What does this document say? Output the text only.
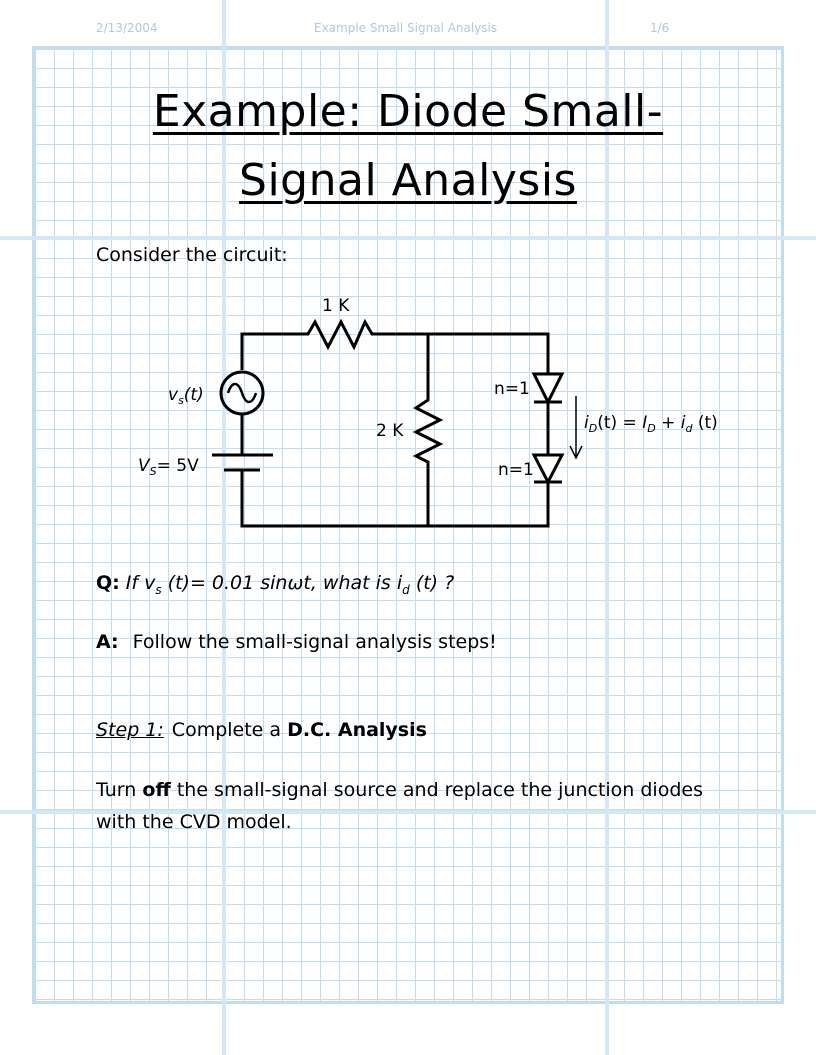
2/13/2004	Example Small Signal Analysis	1/6
Example: Diode Small-
Signal Analysis
Consider the circuit:
1 K
2 K
n=1
n=1
$v_s(t)$
$V_S= 5V$
$i_D(t) = I_D + i_d$ (t)
Q: If $v_s$ (t)= 0.01 sinωt, what is $i_d$ (t) ?
A: Follow the small-signal analysis steps!
Step 1: Complete a D.C. Analysis
Turn off the small-signal source and replace the junction diodes
with the CVD model.
